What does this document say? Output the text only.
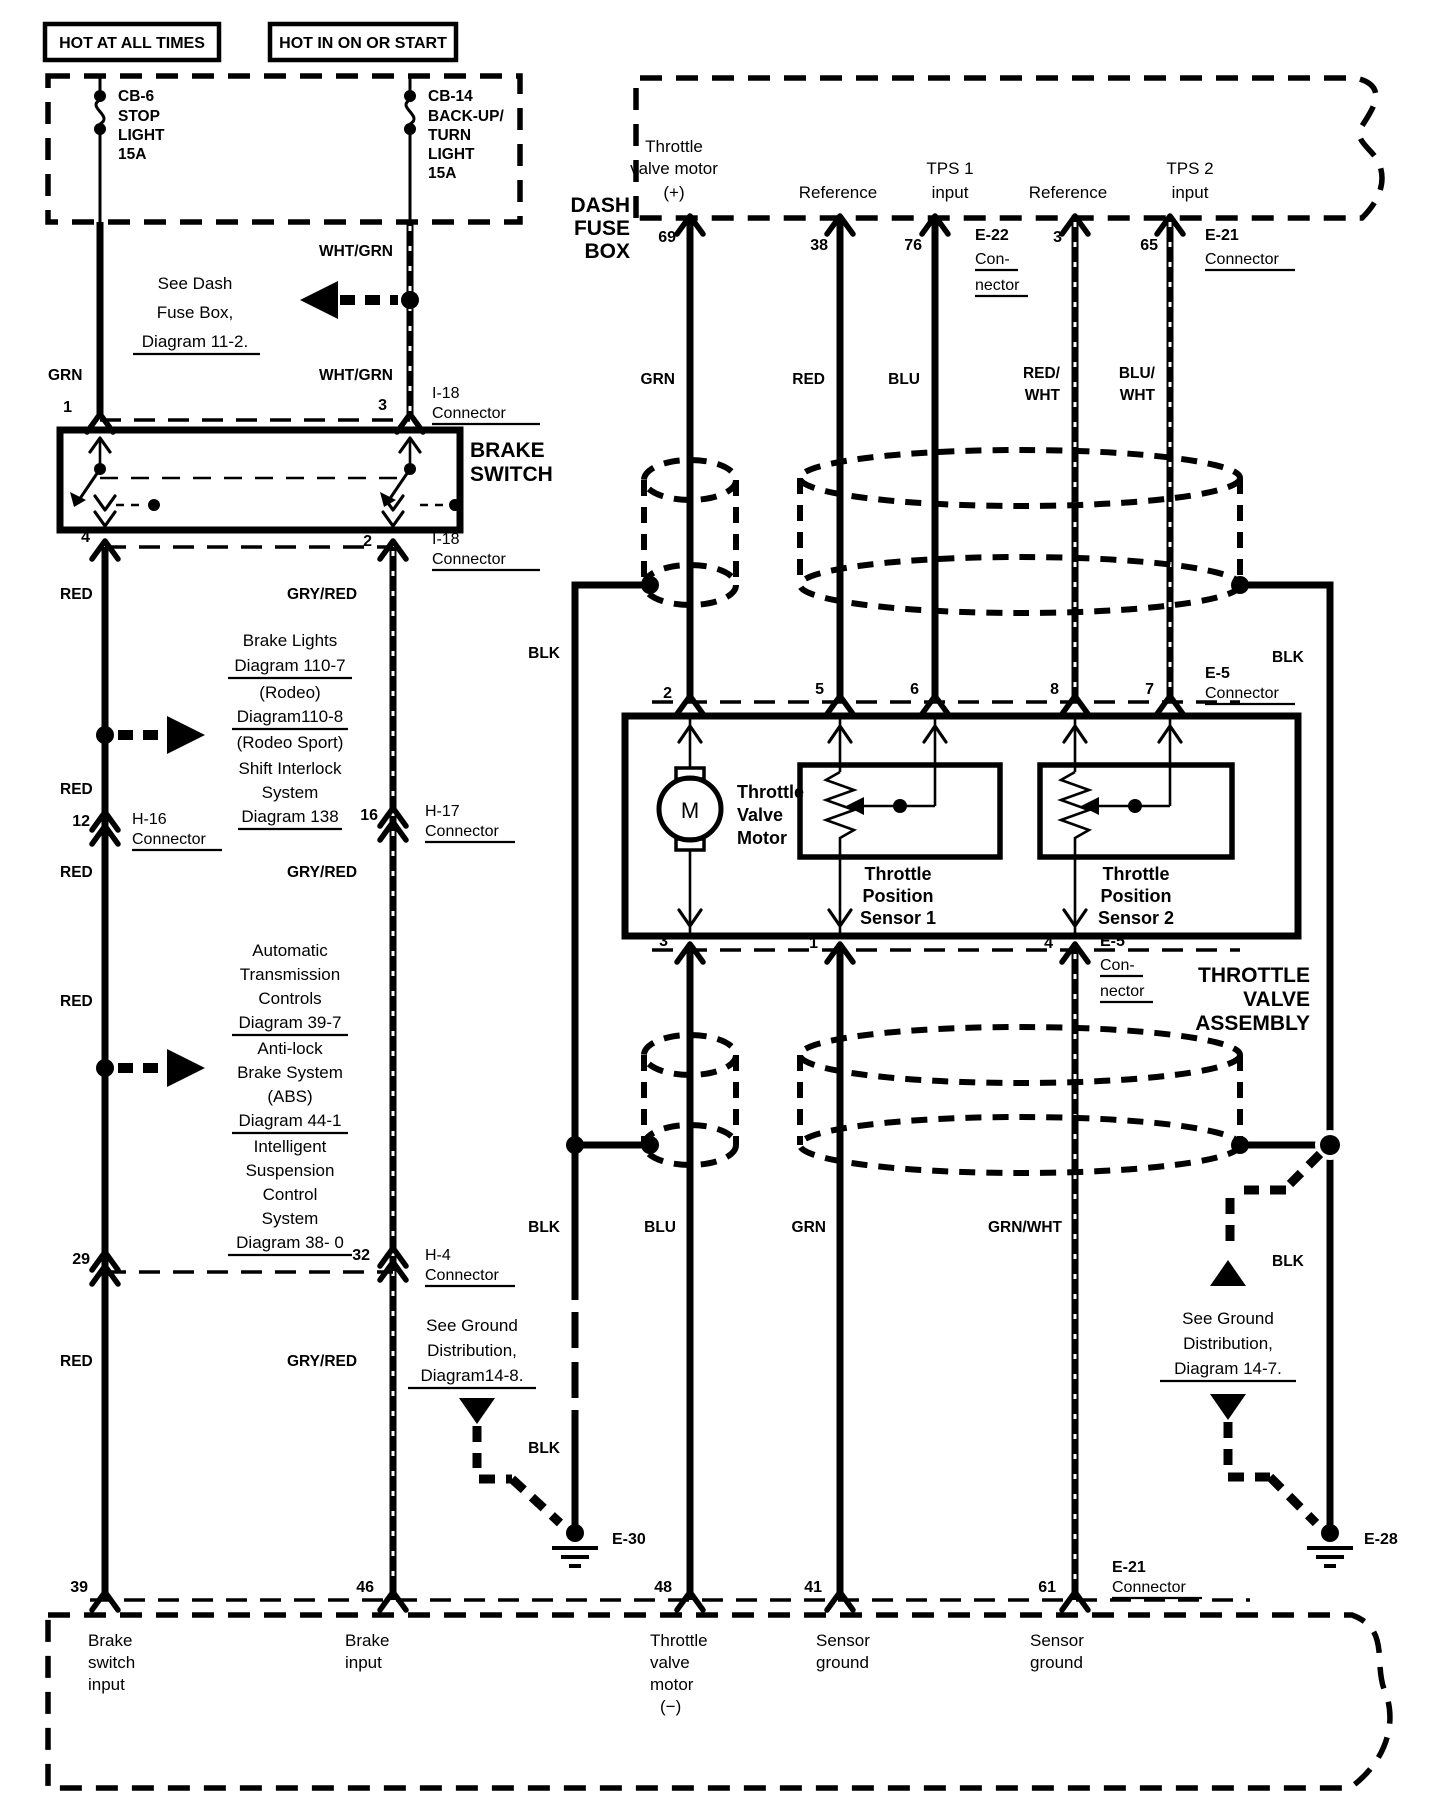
HOT AT ALL TIMES	HOT IN ON OR START
DASH
FUSE
BOX
CB-6
STOP
LIGHT
15A
CB-14
BACK-UP/
TURN
LIGHT
15A
WHT/GRN
WHT/GRN
GRN
See Dash
Fuse Box,
Diagram 11-2.
1	3
I-18
Connector
BRAKE
SWITCH
4	2	I-18
Connector
RED	GRY/RED
RED
RED	GRY/RED
RED
RED	GRY/RED
Brake Lights
Diagram 110-7
(Rodeo)
Diagram110-8
(Rodeo Sport)
Shift Interlock
System
Diagram 138
12	H-16
Connector
16	H-17
Connector
Automatic
Transmission
Controls
Diagram 39-7
Anti-lock
Brake System
(ABS)
Diagram 44-1
Intelligent
Suspension
Control
System
Diagram 38- 0
29	32	H-4
Connector
See Ground
Distribution,
Diagram14-8.
E-30
BLK
Throttle
valve motor
(+)	Reference
TPS 1
input	Reference
TPS 2
input
69	38	76	3	65
E-22
Con-
nector
E-21
Connector
GRN	RED	BLU	RED/
WHT
BLU/
WHT
BLK	BLK
2	5	6	8	7
E-5
Connector
M
Throttle
Valve
Motor
Throttle
Position
Sensor 1
Throttle
Position
Sensor 2
3	1	4	E-5
Con-
nector
THROTTLE
VALVE
ASSEMBLY
BLK	BLU	GRN	GRN/WHT
BLK
See Ground
Distribution,
Diagram 14-7.
E-28
39	46	48	41	61
E-21
Connector
Brake
switch
input
Brake
input
Throttle
valve
motor
(−)
Sensor
ground
Sensor
ground
